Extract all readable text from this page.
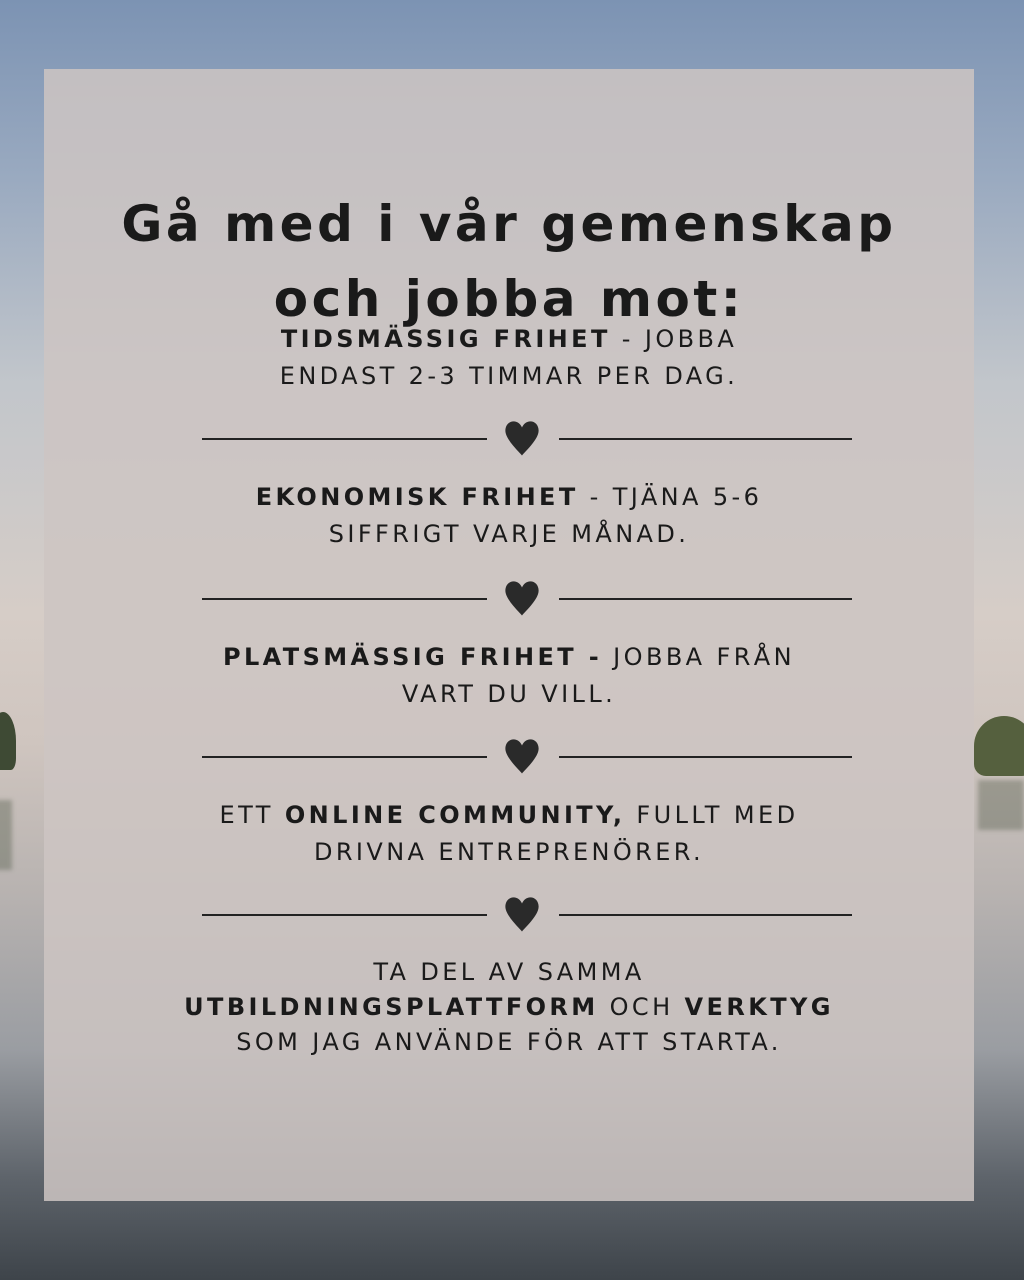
Gå med i vår gemenskap
och jobba mot:
TIDSMÄSSIG FRIHET - JOBBA
ENDAST 2-3 TIMMAR PER DAG.
EKONOMISK FRIHET - TJÄNA 5-6
SIFFRIGT VARJE MÅNAD.
PLATSMÄSSIG FRIHET - JOBBA FRÅN
VART DU VILL.
ETT ONLINE COMMUNITY, FULLT MED
DRIVNA ENTREPRENÖRER.
TA DEL AV SAMMA
UTBILDNINGSPLATTFORM OCH VERKTYG
SOM JAG ANVÄNDE FÖR ATT STARTA.
